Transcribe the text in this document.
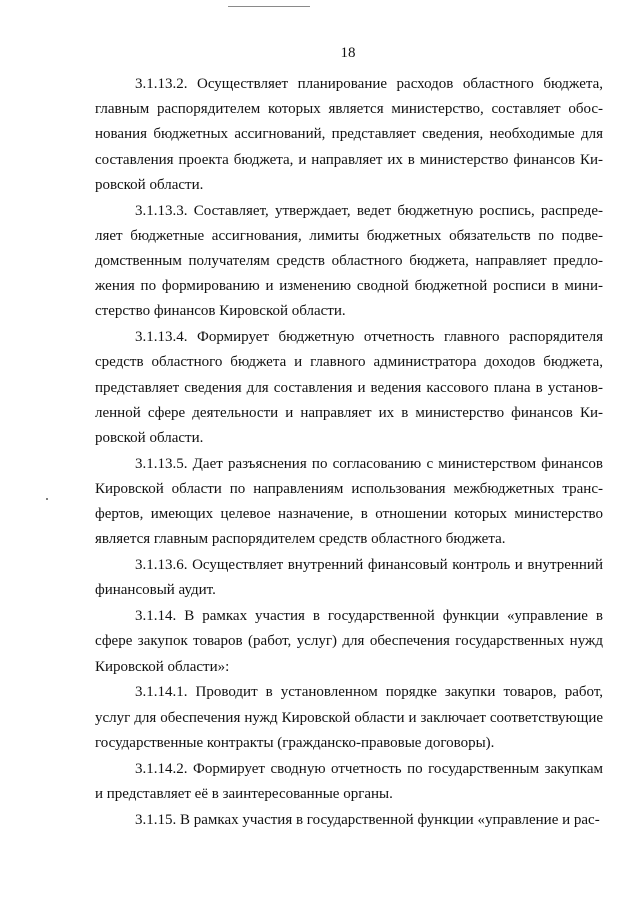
18

3.1.13.2. Осуществляет планирование расходов областного бюджета, главным распорядителем которых является министерство, составляет обоснования бюджетных ассигнований, представляет сведения, необходимые для составления проекта бюджета, и направляет их в министерство финансов Кировской области.

3.1.13.3. Составляет, утверждает, ведет бюджетную роспись, распределяет бюджетные ассигнования, лимиты бюджетных обязательств по подведомственным получателям средств областного бюджета, направляет предложения по формированию и изменению сводной бюджетной росписи в министерство финансов Кировской области.

3.1.13.4. Формирует бюджетную отчетность главного распорядителя средств областного бюджета и главного администратора доходов бюджета, представляет сведения для составления и ведения кассового плана в установленной сфере деятельности и направляет их в министерство финансов Кировской области.

3.1.13.5. Дает разъяснения по согласованию с министерством финансов Кировской области по направлениям использования межбюджетных трансфертов, имеющих целевое назначение, в отношении которых министерство является главным распорядителем средств областного бюджета.

3.1.13.6. Осуществляет внутренний финансовый контроль и внутренний финансовый аудит.

3.1.14. В рамках участия в государственной функции «управление в сфере закупок товаров (работ, услуг) для обеспечения государственных нужд Кировской области»:

3.1.14.1. Проводит в установленном порядке закупки товаров, работ, услуг для обеспечения нужд Кировской области и заключает соответствующие государственные контракты (гражданско-правовые договоры).

3.1.14.2. Формирует сводную отчетность по государственным закупкам и представляет её в заинтересованные органы.

3.1.15. В рамках участия в государственной функции «управление и рас-
